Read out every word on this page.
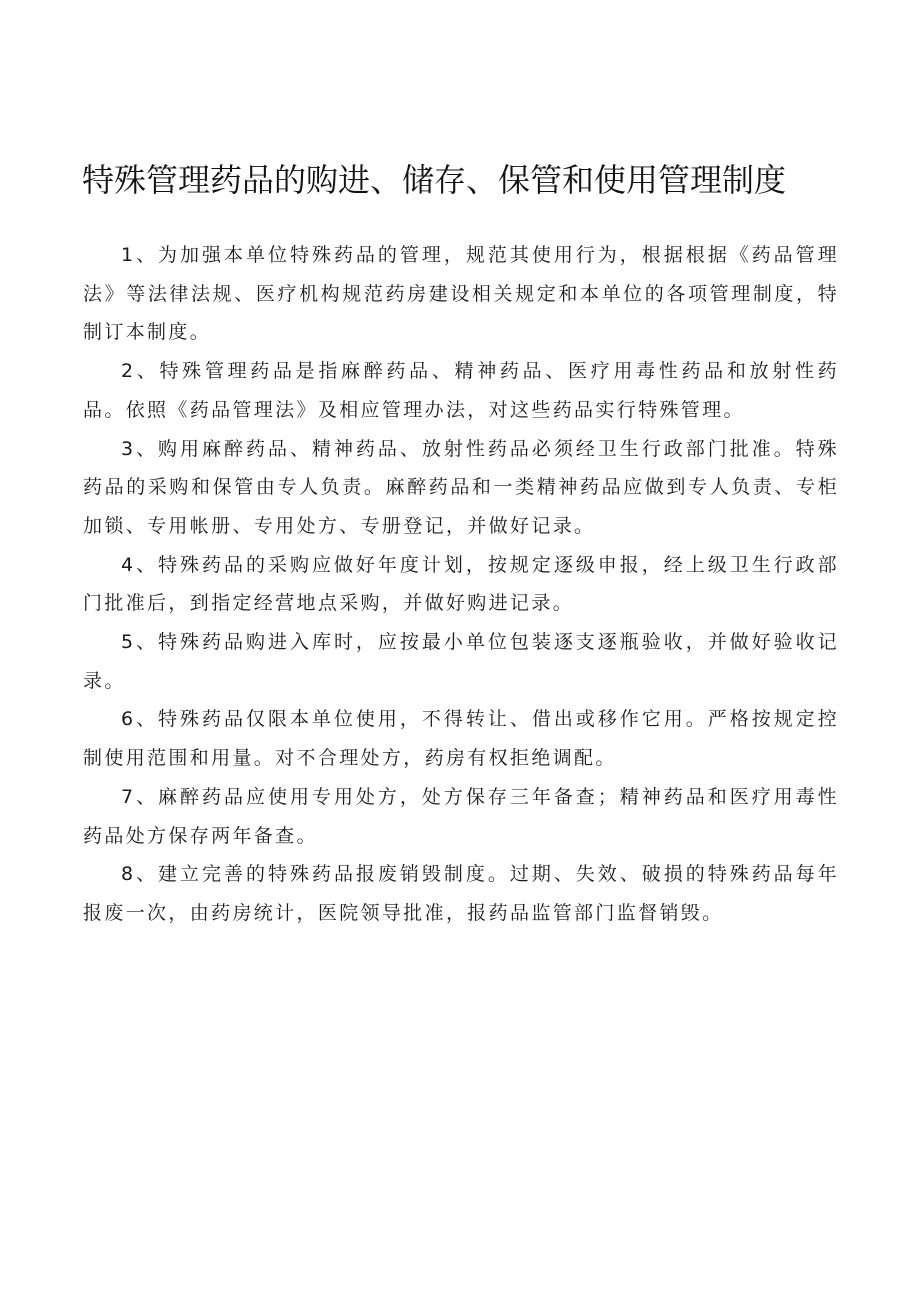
特殊管理药品的购进、储存、保管和使用管理制度

1、为加强本单位特殊药品的管理，规范其使用行为，根据根据《药品管理法》等法律法规、医疗机构规范药房建设相关规定和本单位的各项管理制度，特制订本制度。

2、特殊管理药品是指麻醉药品、精神药品、医疗用毒性药品和放射性药品。依照《药品管理法》及相应管理办法，对这些药品实行特殊管理。

3、购用麻醉药品、精神药品、放射性药品必须经卫生行政部门批准。特殊药品的采购和保管由专人负责。麻醉药品和一类精神药品应做到专人负责、专柜加锁、专用帐册、专用处方、专册登记，并做好记录。

4、特殊药品的采购应做好年度计划，按规定逐级申报，经上级卫生行政部门批准后，到指定经营地点采购，并做好购进记录。

5、特殊药品购进入库时，应按最小单位包装逐支逐瓶验收，并做好验收记录。

6、特殊药品仅限本单位使用，不得转让、借出或移作它用。严格按规定控制使用范围和用量。对不合理处方，药房有权拒绝调配。

7、麻醉药品应使用专用处方，处方保存三年备查；精神药品和医疗用毒性药品处方保存两年备查。

8、建立完善的特殊药品报废销毁制度。过期、失效、破损的特殊药品每年报废一次，由药房统计，医院领导批准，报药品监管部门监督销毁。
